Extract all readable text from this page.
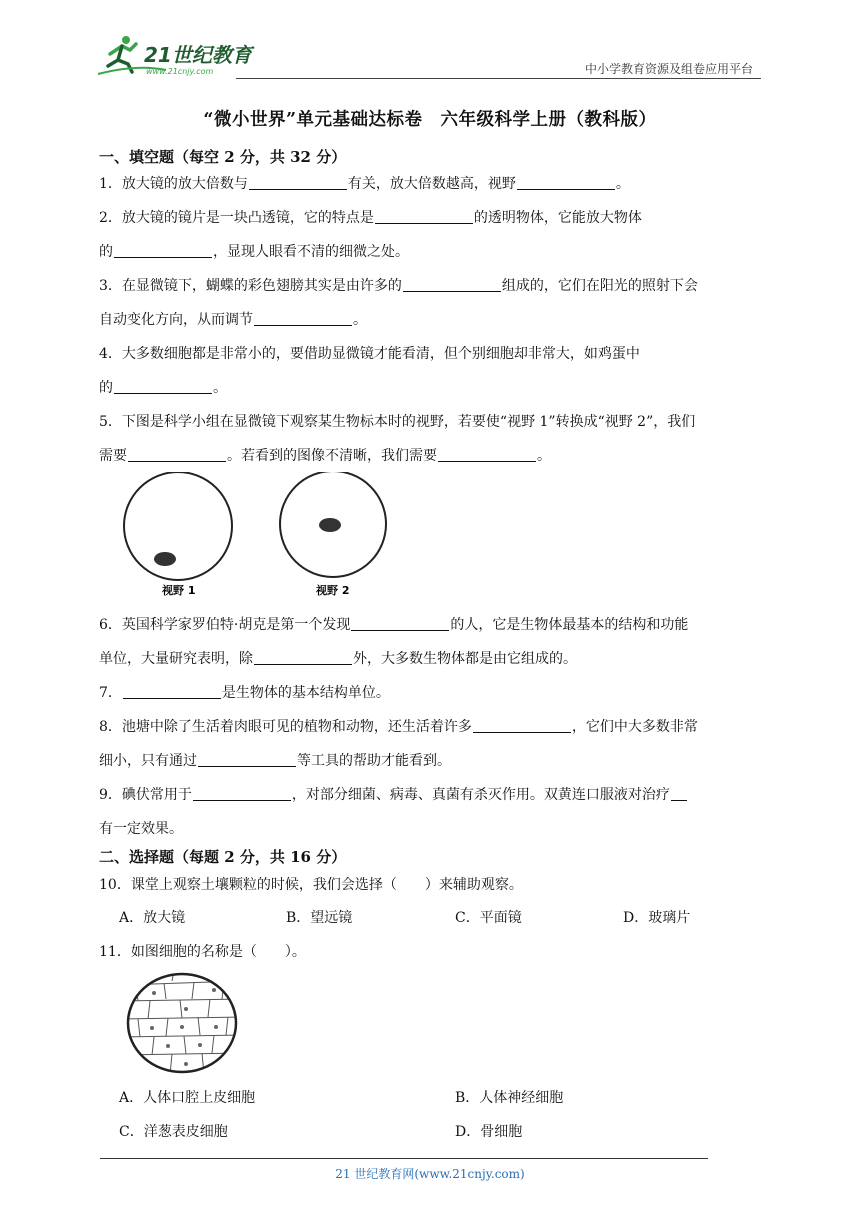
21世纪教育
www.21cnjy.com	中小学教育资源及组卷应用平台
“微小世界”单元基础达标卷　六年级科学上册（教科版）
一、填空题（每空 2 分，共 32 分）
1．放大镜的放大倍数与	有关，放大倍数越高，视野	。
2．放大镜的镜片是一块凸透镜，它的特点是	的透明物体，它能放大物体
的	，显现人眼看不清的细微之处。
3．在显微镜下，蝴蝶的彩色翅膀其实是由许多的	组成的，它们在阳光的照射下会
自动变化方向，从而调节	。
4．大多数细胞都是非常小的，要借助显微镜才能看清，但个别细胞却非常大，如鸡蛋中
的	。
5．下图是科学小组在显微镜下观察某生物标本时的视野，若要使“视野 1”转换成“视野 2”，我们
需要	。若看到的图像不清晰，我们需要	。
视野 1	视野 2
6．英国科学家罗伯特·胡克是第一个发现	的人，它是生物体最基本的结构和功能
单位，大量研究表明，除	外，大多数生物体都是由它组成的。
7．	是生物体的基本结构单位。
8．池塘中除了生活着肉眼可见的植物和动物，还生活着许多	，它们中大多数非常
细小，只有通过	等工具的帮助才能看到。
9．碘伏常用于	，对部分细菌、病毒、真菌有杀灭作用。双黄连口服液对治疗
有一定效果。
二、选择题（每题 2 分，共 16 分）
10．课堂上观察土壤颗粒的时候，我们会选择（　　）来辅助观察。
A．放大镜	B．望远镜	C．平面镜	D．玻璃片
11．如图细胞的名称是（　　）。
A．人体口腔上皮细胞	B．人体神经细胞
C．洋葱表皮细胞	D．骨细胞
21 世纪教育网(www.21cnjy.com)
